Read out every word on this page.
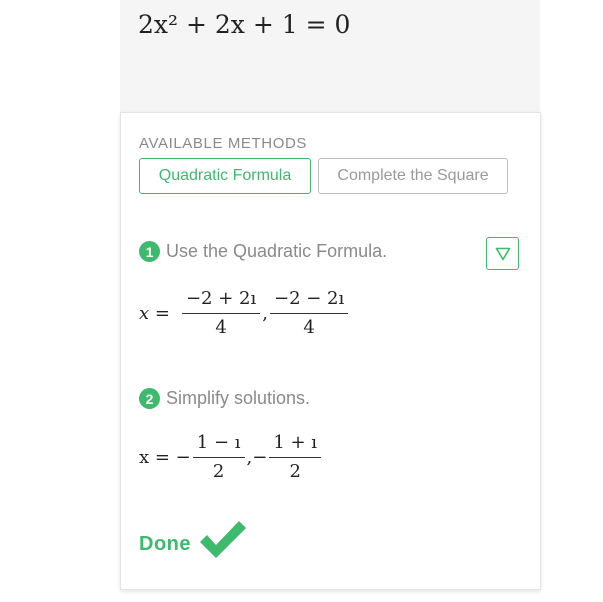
2x² + 2x + 1 = 0
AVAILABLE METHODS
Quadratic Formula	Complete the Square
1 Use the Quadratic Formula.
$x = \frac{-2 + 2ı}{4}$ , $\frac{-2 - 2ı}{4}$
2 Simplify solutions.
x = − $\frac{1 - ı}{2}$ , − $\frac{1 + ı}{2}$
Done
